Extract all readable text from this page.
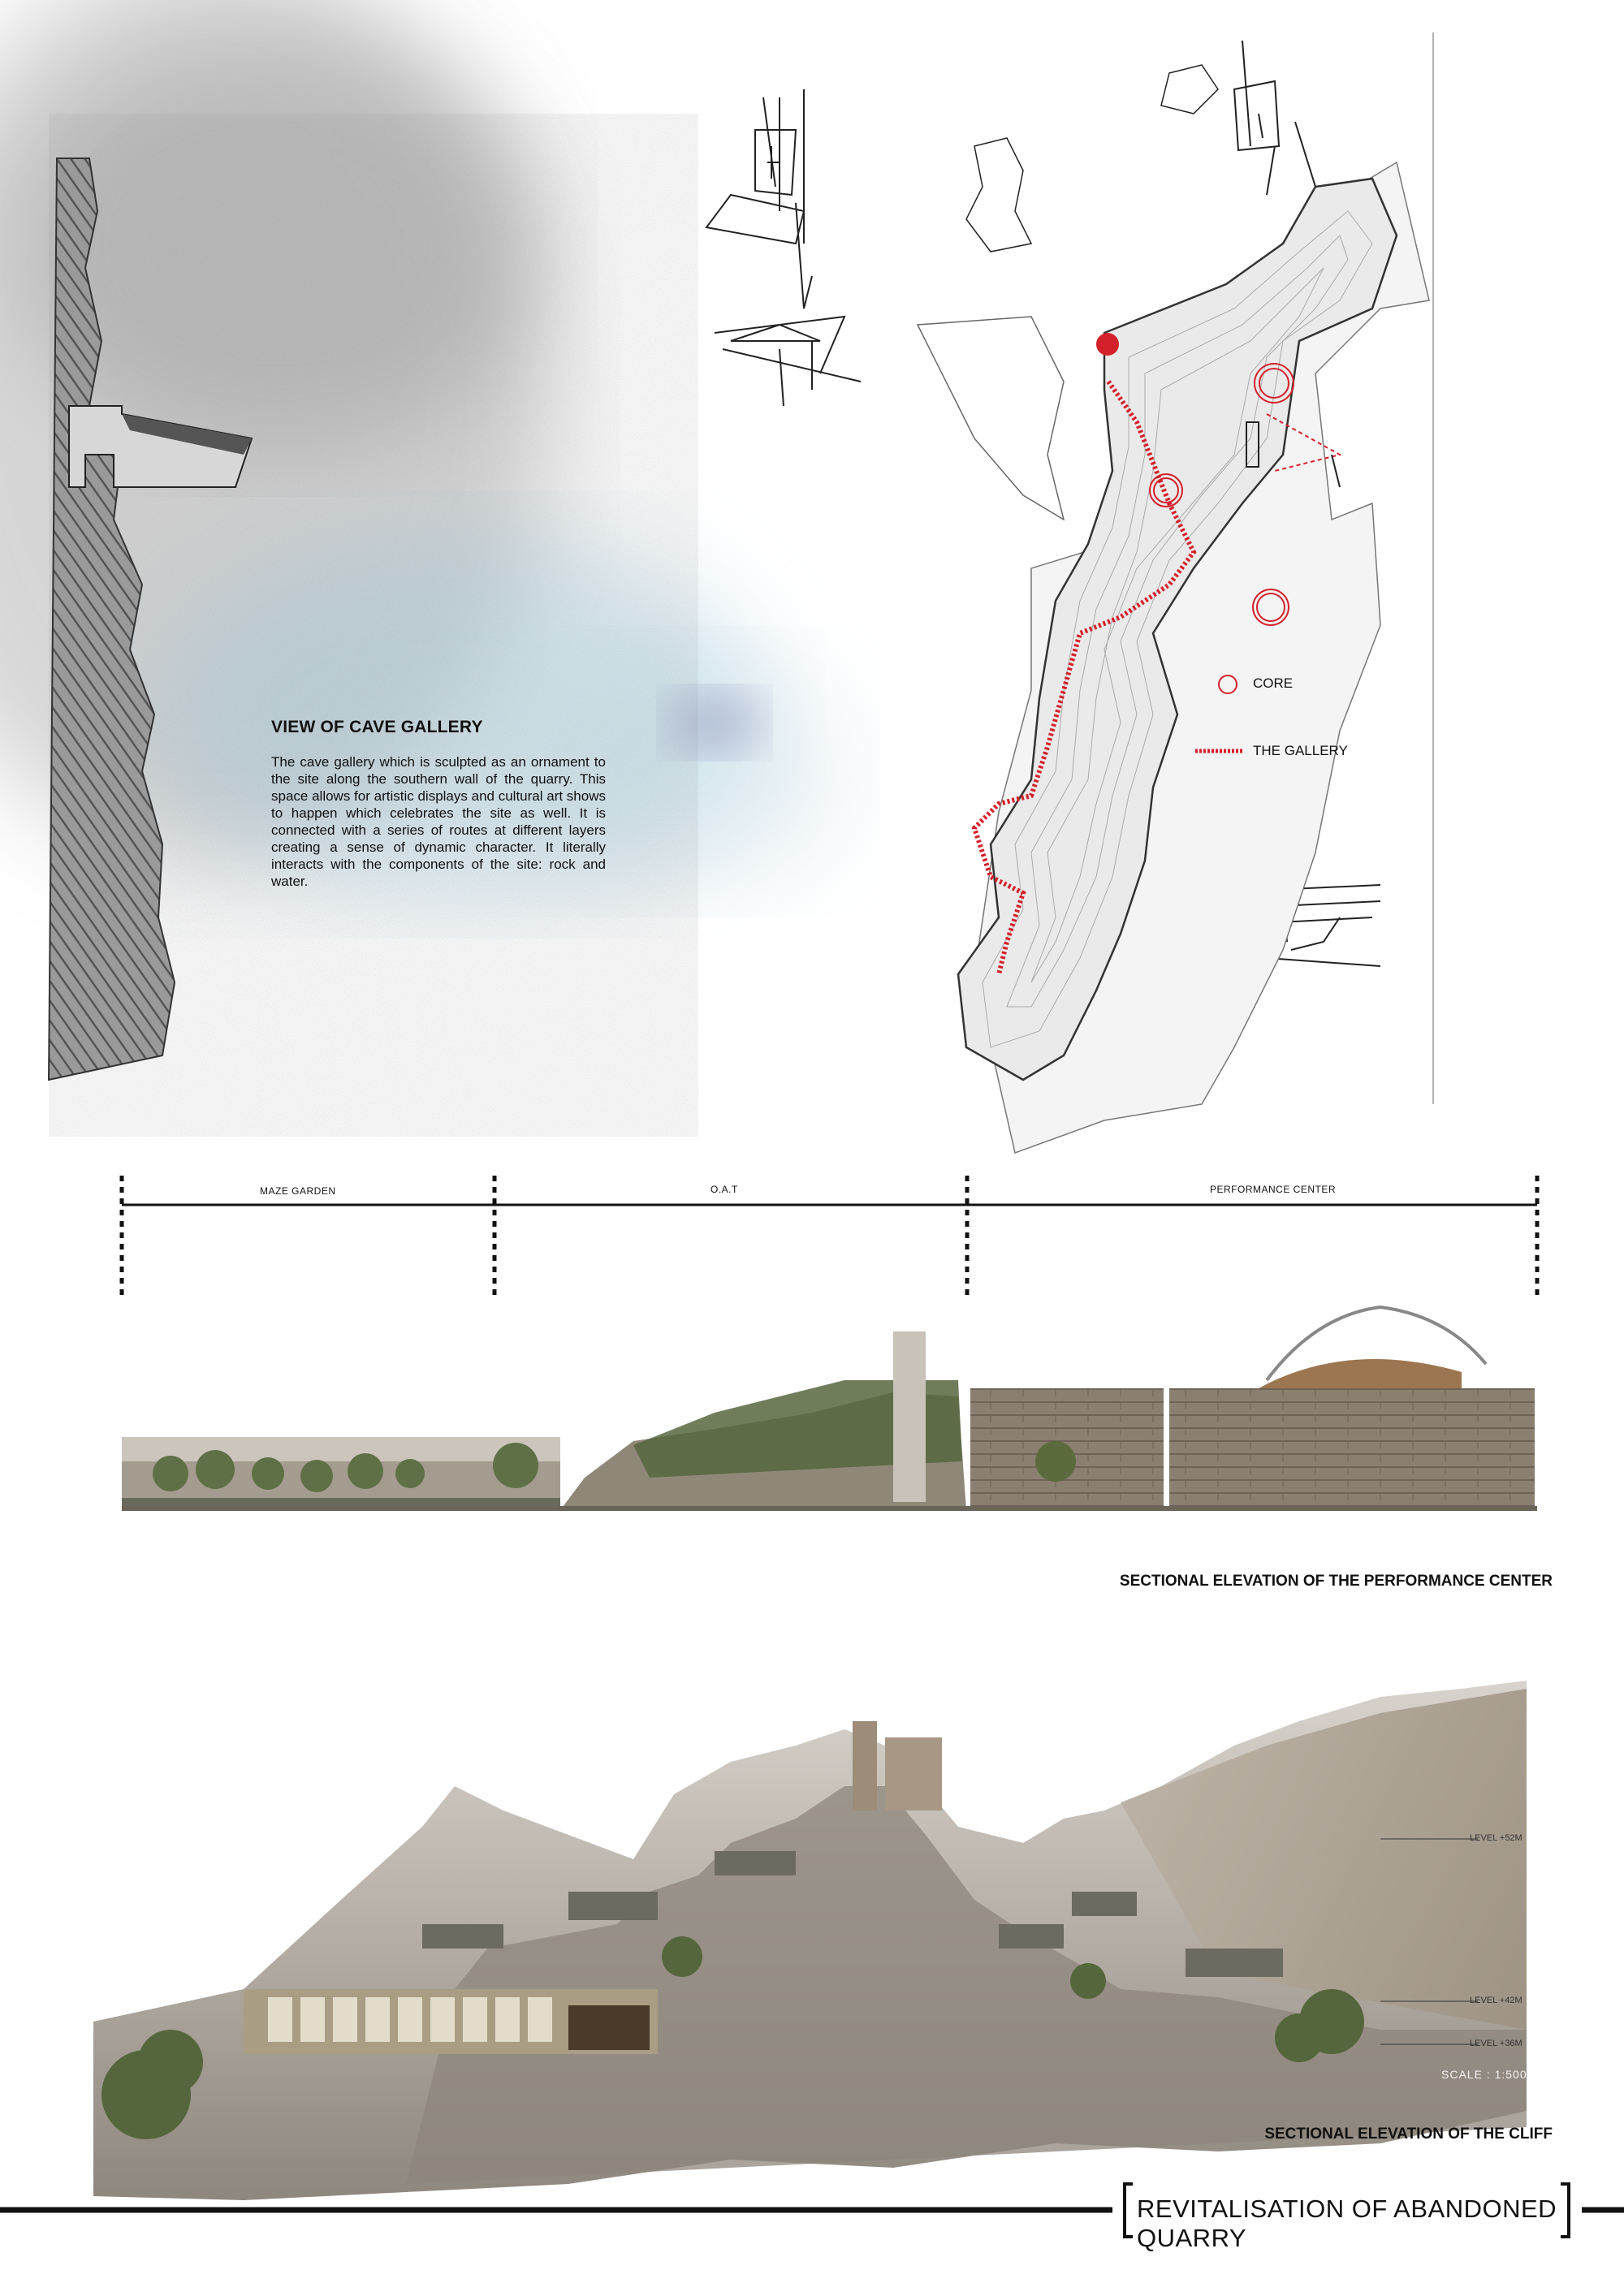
VIEW OF CAVE GALLERY
The cave gallery which is sculpted as an ornament to the site along the southern wall of the quarry. This space allows for artistic displays and cultural art shows to happen which celebrates the site as well. It is connected with a series of routes at different layers creating a sense of dynamic character. It literally interacts with the components of the site: rock and water.
CORE
THE GALLERY
MAZE GARDEN	O.A.T	PERFORMANCE CENTER
SECTIONAL ELEVATION OF THE PERFORMANCE CENTER
LEVEL +52M
LEVEL +42M
LEVEL +36M
SCALE : 1:500
SECTIONAL ELEVATION OF THE CLIFF
REVITALISATION OF ABANDONED QUARRY
